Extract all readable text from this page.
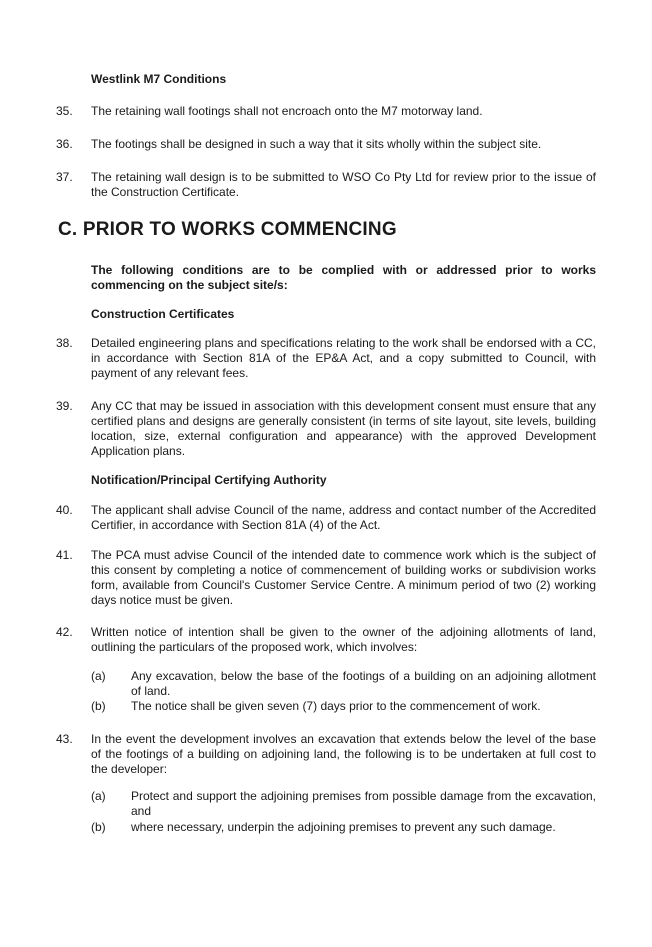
Westlink M7 Conditions
35.	The retaining wall footings shall not encroach onto the M7 motorway land.
36.	The footings shall be designed in such a way that it sits wholly within the subject site.
37.	The retaining wall design is to be submitted to WSO Co Pty Ltd for review prior to the issue of the Construction Certificate.
C. PRIOR TO WORKS COMMENCING
The following conditions are to be complied with or addressed prior to works commencing on the subject site/s:
Construction Certificates
38.	Detailed engineering plans and specifications relating to the work shall be endorsed with a CC, in accordance with Section 81A of the EP&A Act, and a copy submitted to Council, with payment of any relevant fees.
39.	Any CC that may be issued in association with this development consent must ensure that any certified plans and designs are generally consistent (in terms of site layout, site levels, building location, size, external configuration and appearance) with the approved Development Application plans.
Notification/Principal Certifying Authority
40.	The applicant shall advise Council of the name, address and contact number of the Accredited Certifier, in accordance with Section 81A (4) of the Act.
41.	The PCA must advise Council of the intended date to commence work which is the subject of this consent by completing a notice of commencement of building works or subdivision works form, available from Council's Customer Service Centre. A minimum period of two (2) working days notice must be given.
42.	Written notice of intention shall be given to the owner of the adjoining allotments of land, outlining the particulars of the proposed work, which involves:
(a)	Any excavation, below the base of the footings of a building on an adjoining allotment of land.
(b)	The notice shall be given seven (7) days prior to the commencement of work.
43.	In the event the development involves an excavation that extends below the level of the base of the footings of a building on adjoining land, the following is to be undertaken at full cost to the developer:
(a)	Protect and support the adjoining premises from possible damage from the excavation, and
(b)	where necessary, underpin the adjoining premises to prevent any such damage.
